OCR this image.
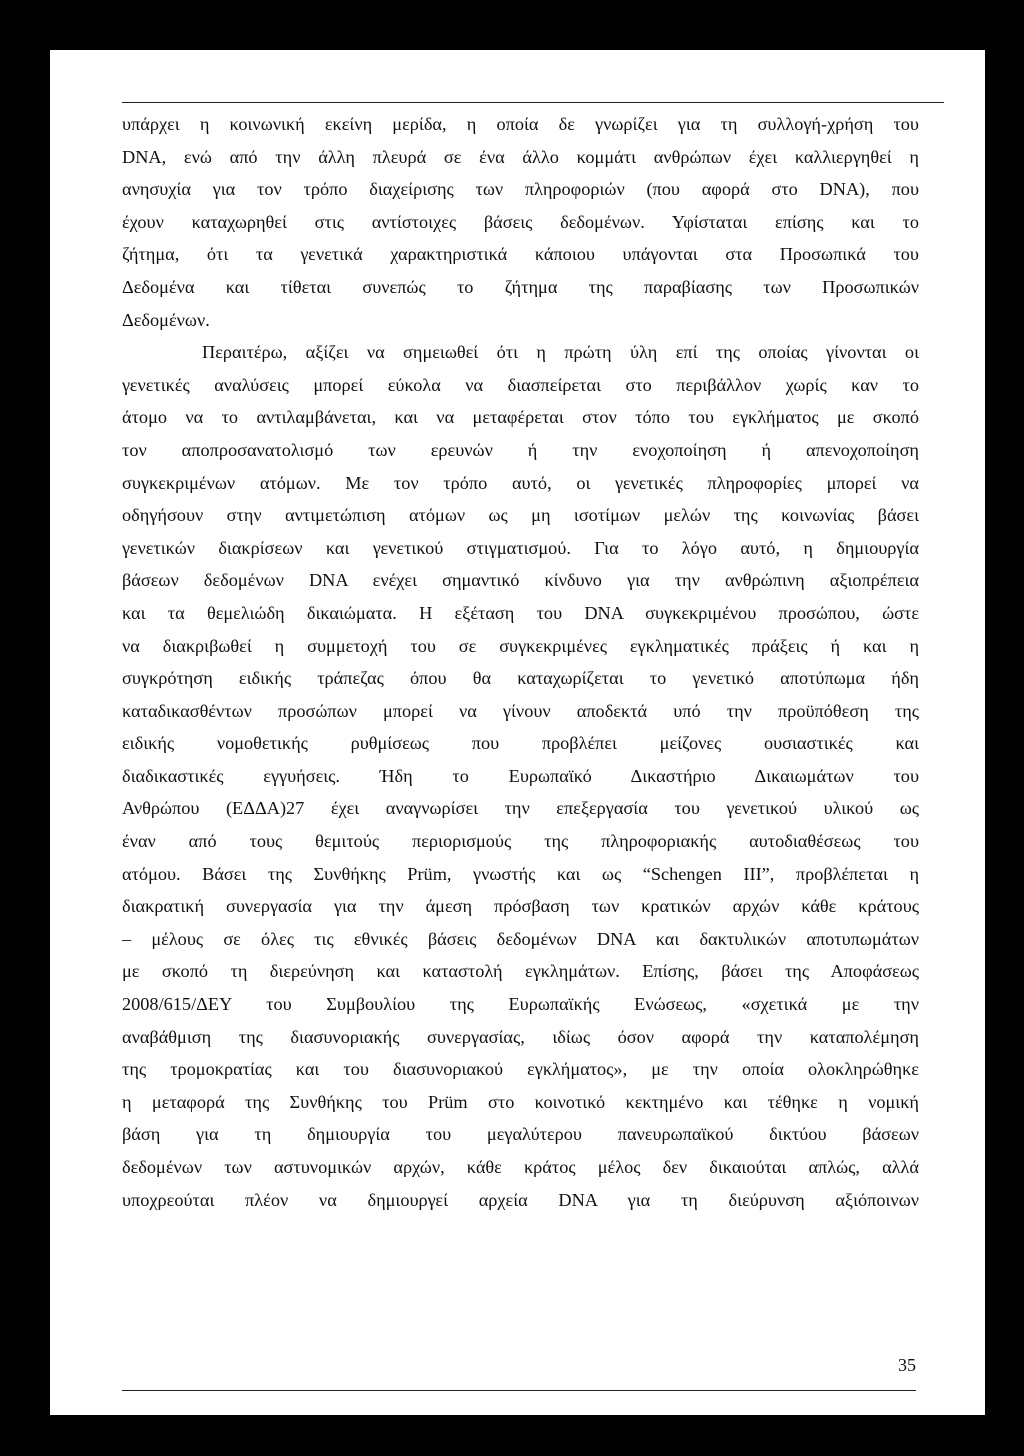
υπάρχει η κοινωνική εκείνη μερίδα, η οποία δε γνωρίζει για τη συλλογή-χρήση του

DNA, ενώ από την άλλη πλευρά σε ένα άλλο κομμάτι ανθρώπων έχει καλλιεργηθεί η

ανησυχία για τον τρόπο διαχείρισης των πληροφοριών (που αφορά στο DNA), που

έχουν καταχωρηθεί στις αντίστοιχες βάσεις δεδομένων. Υφίσταται επίσης και το

ζήτημα, ότι τα γενετικά χαρακτηριστικά κάποιου υπάγονται στα Προσωπικά του

Δεδομένα και τίθεται συνεπώς το ζήτημα της παραβίασης των Προσωπικών

Δεδομένων.

Περαιτέρω, αξίζει να σημειωθεί ότι η πρώτη ύλη επί της οποίας γίνονται οι

γενετικές αναλύσεις μπορεί εύκολα να διασπείρεται στο περιβάλλον χωρίς καν το

άτομο να το αντιλαμβάνεται, και να μεταφέρεται στον τόπο του εγκλήματος με σκοπό

τον αποπροσανατολισμό των ερευνών ή την ενοχοποίηση ή απενοχοποίηση

συγκεκριμένων ατόμων. Με τον τρόπο αυτό, οι γενετικές πληροφορίες μπορεί να

οδηγήσουν στην αντιμετώπιση ατόμων ως μη ισοτίμων μελών της κοινωνίας βάσει

γενετικών διακρίσεων και γενετικού στιγματισμού. Για το λόγο αυτό, η δημιουργία

βάσεων δεδομένων DNA ενέχει σημαντικό κίνδυνο για την ανθρώπινη αξιοπρέπεια

και τα θεμελιώδη δικαιώματα. Η εξέταση του DNA συγκεκριμένου προσώπου, ώστε

να διακριβωθεί η συμμετοχή του σε συγκεκριμένες εγκληματικές πράξεις ή και η

συγκρότηση ειδικής τράπεζας όπου θα καταχωρίζεται το γενετικό αποτύπωμα ήδη

καταδικασθέντων προσώπων μπορεί να γίνουν αποδεκτά υπό την προϋπόθεση της

ειδικής νομοθετικής ρυθμίσεως που προβλέπει μείζονες ουσιαστικές και

διαδικαστικές εγγυήσεις. Ήδη το Ευρωπαϊκό Δικαστήριο Δικαιωμάτων του

Ανθρώπου (ΕΔΔΑ)27 έχει αναγνωρίσει την επεξεργασία του γενετικού υλικού ως

έναν από τους θεμιτούς περιορισμούς της πληροφοριακής αυτοδιαθέσεως του

ατόμου. Βάσει της Συνθήκης Prüm, γνωστής και ως “Schengen III”, προβλέπεται η

διακρατική συνεργασία για την άμεση πρόσβαση των κρατικών αρχών κάθε κράτους

– μέλους σε όλες τις εθνικές βάσεις δεδομένων DNA και δακτυλικών αποτυπωμάτων

με σκοπό τη διερεύνηση και καταστολή εγκλημάτων. Επίσης, βάσει της Αποφάσεως

2008/615/ΔΕΥ του Συμβουλίου της Ευρωπαϊκής Ενώσεως, «σχετικά με την

αναβάθμιση της διασυνοριακής συνεργασίας, ιδίως όσον αφορά την καταπολέμηση

της τρομοκρατίας και του διασυνοριακού εγκλήματος», με την οποία ολοκληρώθηκε

η μεταφορά της Συνθήκης του Prüm στο κοινοτικό κεκτημένο και τέθηκε η νομική

βάση για τη δημιουργία του μεγαλύτερου πανευρωπαϊκού δικτύου βάσεων

δεδομένων των αστυνομικών αρχών, κάθε κράτος μέλος δεν δικαιούται απλώς, αλλά

υποχρεούται πλέον να δημιουργεί αρχεία DNA για τη διεύρυνση αξιόποινων

35
